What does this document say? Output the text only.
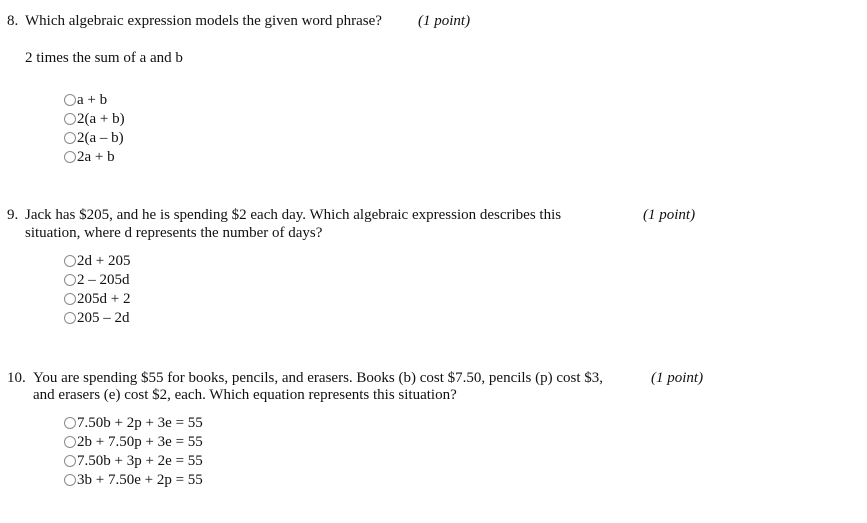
8. Which algebraic expression models the given word phrase? (1 point)
2 times the sum of a and b
a + b
2(a + b)
2(a – b)
2a + b
9. Jack has $205, and he is spending $2 each day. Which algebraic expression describes this	(1 point)
situation, where d represents the number of days?
2d + 205
2 – 205d
205d + 2
205 – 2d
10. You are spending $55 for books, pencils, and erasers. Books (b) cost $7.50, pencils (p) cost $3,	(1 point)
and erasers (e) cost $2, each. Which equation represents this situation?
7.50b + 2p + 3e = 55
2b + 7.50p + 3e = 55
7.50b + 3p + 2e = 55
3b + 7.50e + 2p = 55
